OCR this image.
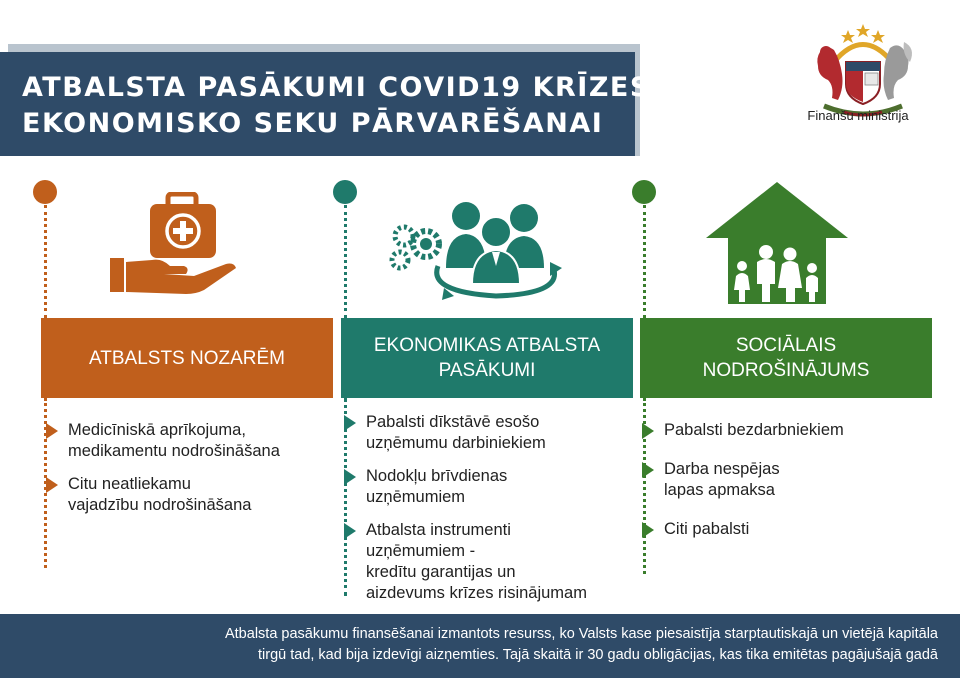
ATBALSTA PASĀKUMI COVID19 KRĪZES
EKONOMISKO SEKU PĀRVARĒŠANAI	Finanšu ministrija
ATBALSTS NOZARĒM
Medicīniskā aprīkojuma,
medikamentu nodrošināšana
Citu neatliekamu
vajadzību nodrošināšana
EKONOMIKAS ATBALSTA
PASĀKUMI
Pabalsti dīkstāvē esošo
uzņēmumu darbiniekiem
Nodokļu brīvdienas
uzņēmumiem
Atbalsta instrumenti
uzņēmumiem -
kredītu garantijas un
aizdevums krīzes risinājumam
SOCIĀLAIS
NODROŠINĀJUMS
Pabalsti bezdarbniekiem
Darba nespējas
lapas apmaksa
Citi pabalsti
Atbalsta pasākumu finansēšanai izmantots resurss, ko Valsts kase piesaistīja starptautiskajā un vietējā kapitāla
tirgū tad, kad bija izdevīgi aizņemties. Tajā skaitā ir 30 gadu obligācijas, kas tika emitētas pagājušajā gadā
